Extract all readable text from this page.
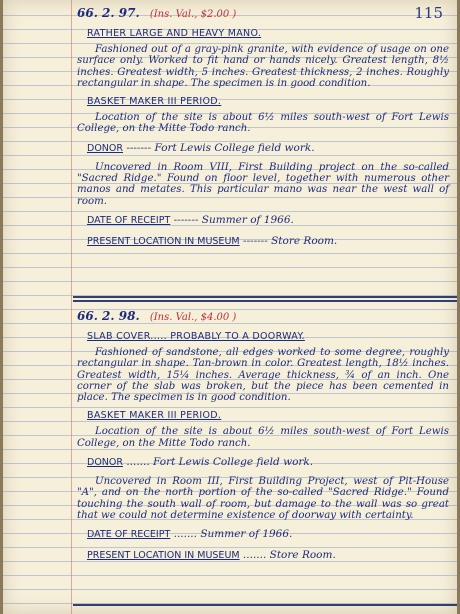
115
66. 2. 97. (Ins. Val., $2.00 )
RATHER LARGE AND HEAVY MANO.

Fashioned out of a gray-pink granite, with evidence of usage on one surface only. Worked to fit hand or hands nicely. Greatest length, 8½ inches. Greatest width, 5 inches. Greatest thickness, 2 inches. Roughly rectangular in shape. The specimen is in good condition.

BASKET MAKER III PERIOD.

Location of the site is about 6½ miles south-west of Fort Lewis College, on the Mitte Todo ranch.

DONOR ------- Fort Lewis College field work.

Uncovered in Room VIII, First Building project on the so-called "Sacred Ridge." Found on floor level, together with numerous other manos and metates. This particular mano was near the west wall of room.

DATE OF RECEIPT ------- Summer of 1966.
PRESENT LOCATION IN MUSEUM ------- Store Room.
66. 2. 98. (Ins. Val., $4.00 )
SLAB COVER..... PROBABLY TO A DOORWAY.

Fashioned of sandstone, all edges worked to some degree, roughly rectangular in shape. Tan-brown in color. Greatest length, 18½ inches. Greatest width, 15¼ inches. Average thickness, ¾ of an inch. One corner of the slab was broken, but the piece has been cemented in place. The specimen is in good condition.

BASKET MAKER III PERIOD.

Location of the site is about 6½ miles south-west of Fort Lewis College, on the Mitte Todo ranch.

DONOR ....... Fort Lewis College field work.

Uncovered in Room III, First Building Project, west of Pit-House "A", and on the north portion of the so-called "Sacred Ridge." Found touching the south wall of room, but damage to the wall was so great that we could not determine existence of doorway with certainty.

DATE OF RECEIPT ....... Summer of 1966.
PRESENT LOCATION IN MUSEUM ....... Store Room.
